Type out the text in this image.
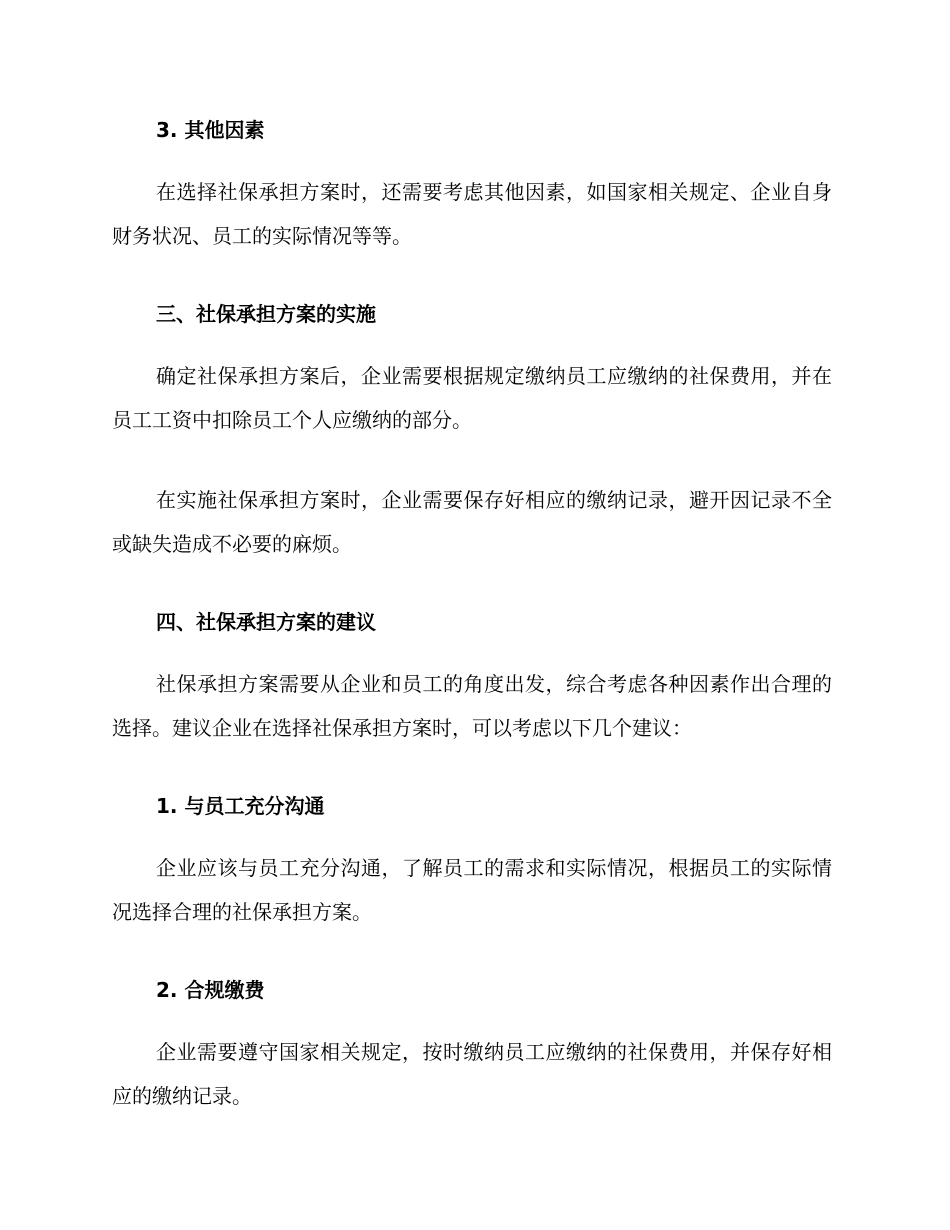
3. 其他因素

在选择社保承担方案时，还需要考虑其他因素，如国家相关规定、企业自身财务状况、员工的实际情况等等。

三、社保承担方案的实施

确定社保承担方案后，企业需要根据规定缴纳员工应缴纳的社保费用，并在员工工资中扣除员工个人应缴纳的部分。

在实施社保承担方案时，企业需要保存好相应的缴纳记录，避开因记录不全或缺失造成不必要的麻烦。

四、社保承担方案的建议

社保承担方案需要从企业和员工的角度出发，综合考虑各种因素作出合理的选择。建议企业在选择社保承担方案时，可以考虑以下几个建议：

1. 与员工充分沟通

企业应该与员工充分沟通，了解员工的需求和实际情况，根据员工的实际情况选择合理的社保承担方案。

2. 合规缴费

企业需要遵守国家相关规定，按时缴纳员工应缴纳的社保费用，并保存好相应的缴纳记录。
